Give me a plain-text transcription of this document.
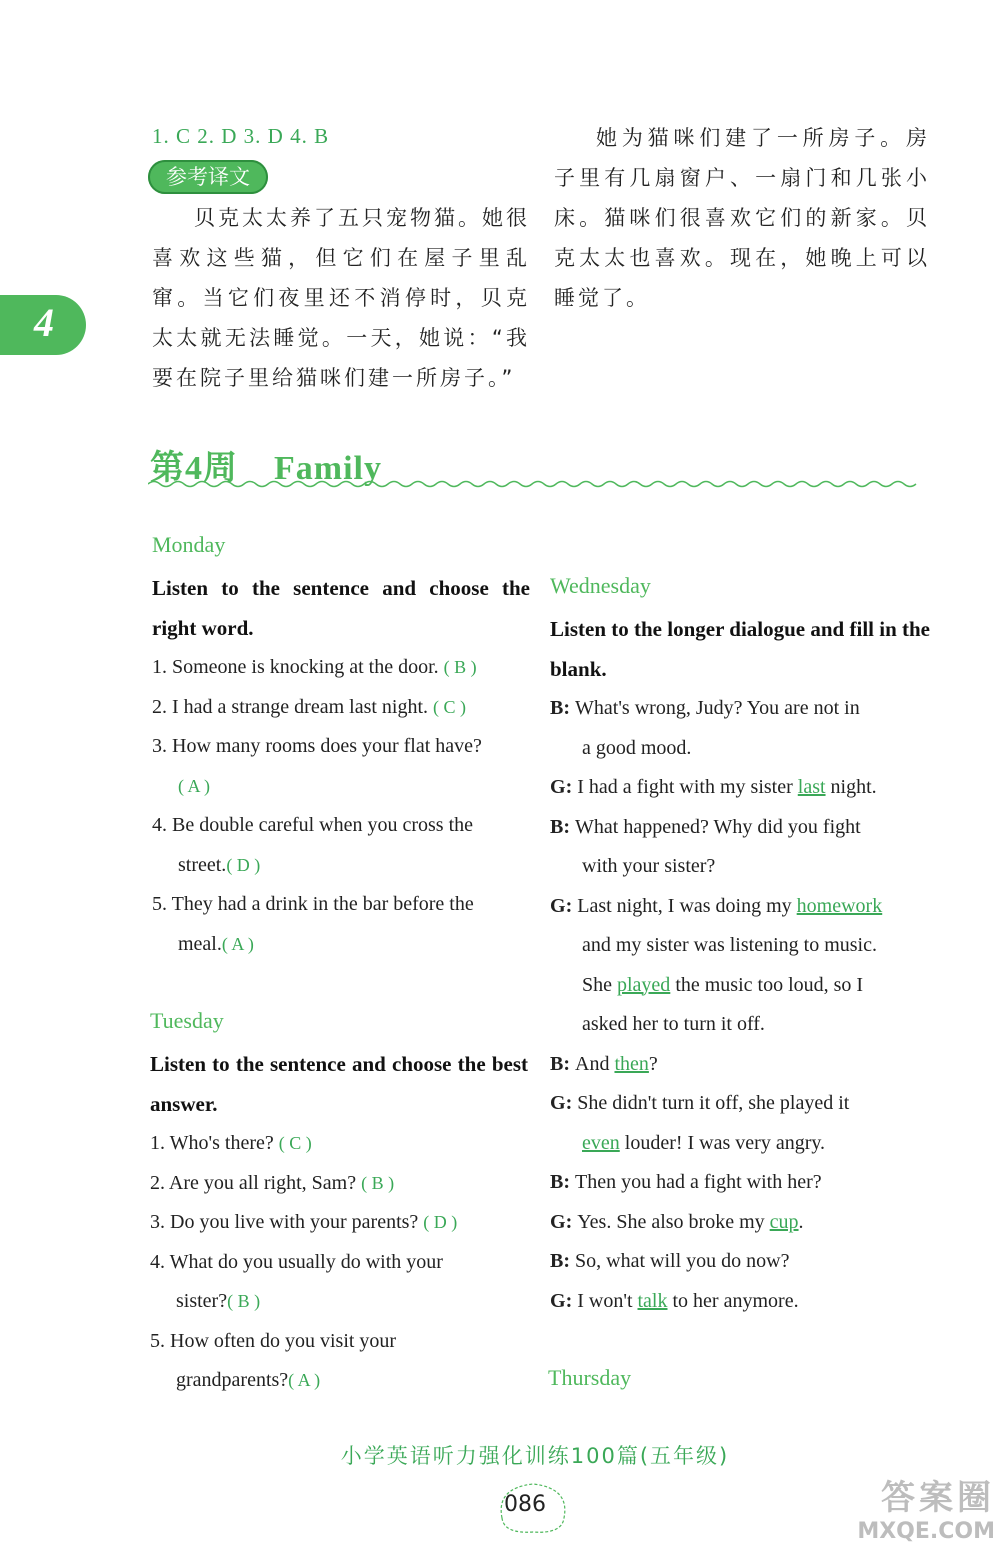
1. C 2. D 3. D 4. B
参考译文
贝克太太养了五只宠物猫。她很喜欢这些猫，但它们在屋子里乱窜。当它们夜里还不消停时，贝克太太就无法睡觉。一天，她说：“我要在院子里给猫咪们建一所房子。”
她为猫咪们建了一所房子。房子里有几扇窗户、一扇门和几张小床。猫咪们很喜欢它们的新家。贝克太太也喜欢。现在，她晚上可以睡觉了。
4
第4周 Family
Monday
Listen to the sentence and choose the right word.
1. Someone is knocking at the door. ( B )
2. I had a strange dream last night. ( C )
3. How many rooms does your flat have?
( A )
4. Be double careful when you cross the
street.( D )
5. They had a drink in the bar before the
meal.( A )
Tuesday
Listen to the sentence and choose the best answer.
1. Who's there? ( C )
2. Are you all right, Sam? ( B )
3. Do you live with your parents? ( D )
4. What do you usually do with your
sister?( B )
5. How often do you visit your
grandparents?( A )
Wednesday
Listen to the longer dialogue and fill in the blank.
B: What's wrong, Judy? You are not in
a good mood.
G: I had a fight with my sister last night.
B: What happened? Why did you fight
with your sister?
G: Last night, I was doing my homework
and my sister was listening to music.
She played the music too loud, so I
asked her to turn it off.
B: And then?
G: She didn't turn it off, she played it
even louder! I was very angry.
B: Then you had a fight with her?
G: Yes. She also broke my cup.
B: So, what will you do now?
G: I won't talk to her anymore.
Thursday
小学英语听力强化训练100篇(五年级)
086	答案圈
MXQE.COM
